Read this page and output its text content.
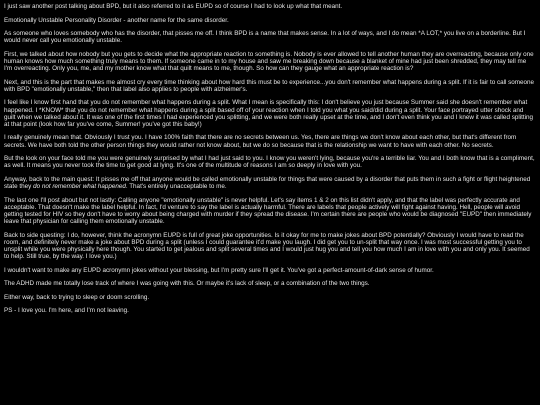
I just saw another post talking about BPD, but it also referred to it as EUPD so of course I had to look up what that meant.

Emotionally Unstable Personality Disorder - another name for the same disorder.

As someone who loves somebody who has the disorder, that pisses me off. I think BPD is a name that makes sense. In a lot of ways, and I do mean *A LOT,* you live on a borderline. But I would never call you emotionally unstable.

First, we talked about how nobody but you gets to decide what the appropriate reaction to something is. Nobody is ever allowed to tell another human they are overreacting, because only one human knows how much something truly means to them. If someone came in to my house and saw me breaking down because a blanket of mine had just been shredded, they may tell me I'm overreacting. Only you, me, and my mother know what that quilt means to me, though. So how can they gauge what an appropriate reaction is?

Next, and this is the part that makes me almost cry every time thinking about how hard this must be to experience...you don't remember what happens during a split. If it is fair to call someone with BPD "emotionally unstable," then that label also applies to people with alzheimer's.

I feel like I know first hand that you do not remember what happens during a split. What I mean is specifically this: I don't believe you just because Summer said she doesn't remember what happened. I *KNOW* that you do not remember what happens during a split based off of your reaction when I told you what you said/did during a split. Your face portrayed utter shock and guilt when we talked about it. It was one of the first times I had experienced you splitting, and we were both really upset at the time, and I don't even think you and I knew it was called splitting at that point (look how far you've come, Summer! you've got this baby!)

I really genuinely mean that. Obviously I trust you. I have 100% faith that there are no secrets between us. Yes, there are things we don't know about each other, but that's different from secrets. We have both told the other person things they would rather not know about, but we do so because that is the relationship we want to have with each other. No secrets.

But the look on your face told me you were genuinely surprised by what I had just said to you. I know you weren't lying, because you're a terrible liar. You and I both know that is a compliment, as well. It means you never took the time to get good at lying. It's one of the multitude of reasons I am so deeply in love with you.

Anyway, back to the main quest: It pisses me off that anyone would be called emotionally unstable for things that were caused by a disorder that puts them in such a fight or flight heightened state they do not remember what happened. That's entirely unacceptable to me.

The last one I'll post about but not lastly: Calling anyone "emotionally unstable" is never helpful. Let's say items 1 & 2 on this list didn't apply, and that the label was perfectly accurate and acceptable. That doesn't make the label helpful. In fact, I'd venture to say the label is actually harmful. There are labels that people actively will fight against having. Hell, people will avoid getting tested for HIV so they don't have to worry about being charged with murder if they spread the disease. I'm certain there are people who would be diagnosed "EUPD" then immediately leave that physician for calling them emotionally unstable.

Back to side questing: I do, however, think the acronymn EUPD is full of great joke opportunities. Is it okay for me to make jokes about BPD potentially? Obviously I would have to read the room, and definitely never make a joke about BPD during a split (unless I could guarantee it'd make you laugh. I did get you to un-split that way once. I was most successful getting you to unsplit while you were physically here though. You started to get jealous and split several times and I would just hug you and tell you how much I am in love with you and only you. It seemed to help. Still true, by the way. I love you.)

I wouldn't want to make any EUPD acronymn jokes without your blessing, but I'm pretty sure I'll get it. You've got a perfect-amount-of-dark sense of humor.

The ADHD made me totally lose track of where I was going with this. Or maybe it's lack of sleep, or a combination of the two things.

Either way, back to trying to sleep or doom scrolling.

PS - I love you. I'm here, and I'm not leaving.
